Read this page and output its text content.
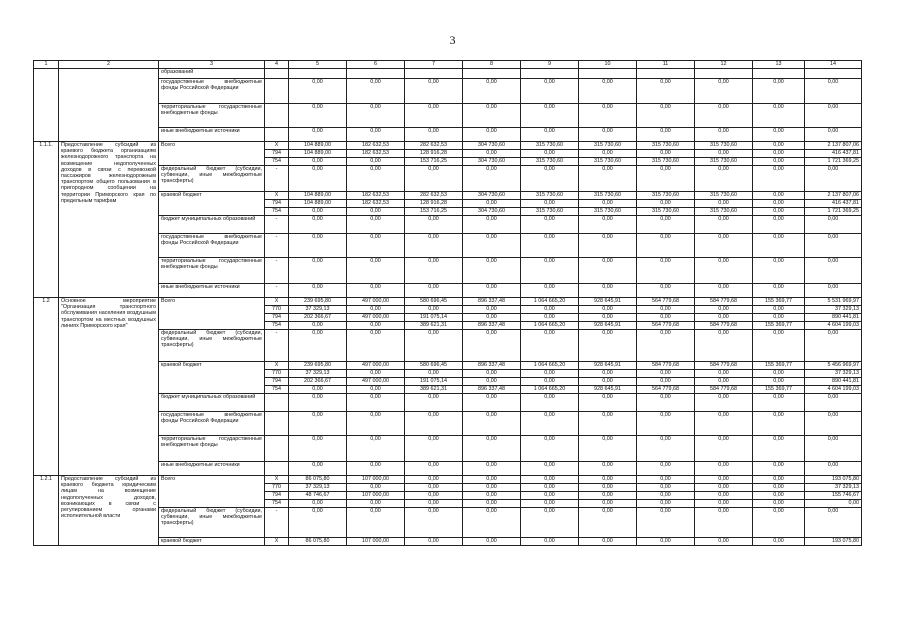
3
1	2	3	4	5	6	7	8	9	10	11	12	13	14
		образований											
		государственные внебюджетные фонды Российской Федерации		0,00	0,00	0,00	0,00	0,00	0,00	0,00	0,00	0,00	0,00
		территориальные государственные внебюджетные фонды		0,00	0,00	0,00	0,00	0,00	0,00	0,00	0,00	0,00	0,00
		иные внебюджетные источники		0,00	0,00	0,00	0,00	0,00	0,00	0,00	0,00	0,00	0,00
1.1.1.	Предоставление субсидий из краевого бюджета организациям железнодорожного транспорта на возмещение недополученных доходов в связи с перевозкой пассажиров железнодорожным транспортом общего пользования в пригородном сообщении на территории Приморского края по предельным тарифам	Всего	X	104 889,00	182 632,53	282 632,53	304 730,60	315 730,60	315 730,60	315 730,60	315 730,60	0,00	2 137 807,06
			794	104 889,00	182 632,53	128 916,28	0,00	0,00	0,00	0,00	0,00	0,00	416 437,81
			754	0,00	0,00	153 716,25	304 730,60	315 730,60	315 730,60	315 730,60	315 730,60	0,00	1 721 369,25
		федеральный бюджет (субсидии, субвенции, иные межбюджетные трансферты)	-	0,00	0,00	0,00	0,00	0,00	0,00	0,00	0,00	0,00	0,00
		краевой бюджет	X	104 889,00	182 632,53	282 632,53	304 730,60	315 730,60	315 730,60	315 730,60	315 730,60	0,00	2 137 807,06
			794	104 889,00	182 632,53	128 916,28	0,00	0,00	0,00	0,00	0,00	0,00	416 437,81
			754	0,00	0,00	153 716,25	304 730,60	315 730,60	315 730,60	315 730,60	315 730,60	0,00	1 721 369,25
		бюджет муниципальных образований	-	0,00	0,00	0,00	0,00	0,00	0,00	0,00	0,00	0,00	0,00
		государственные внебюджетные фонды Российской Федерации	-	0,00	0,00	0,00	0,00	0,00	0,00	0,00	0,00	0,00	0,00
		территориальные государственные внебюджетные фонды	-	0,00	0,00	0,00	0,00	0,00	0,00	0,00	0,00	0,00	0,00
		иные внебюджетные источники	-	0,00	0,00	0,00	0,00	0,00	0,00	0,00	0,00	0,00	0,00
1.2	Основное мероприятие "Организация транспортного обслуживания населения воздушным транспортом на местных воздушных линиях Приморского края"	Всего	X	239 695,80	497 000,00	580 696,45	896 337,48	1 064 665,20	928 645,91	564 779,68	584 779,68	155 369,77	5 531 969,97
			770	37 329,13	0,00	0,00	0,00	0,00	0,00	0,00	0,00	0,00	37 329,13
			794	202 366,67	497 000,00	191 075,14	0,00	0,00	0,00	0,00	0,00	0,00	890 441,81
			754	0,00	0,00	389 621,31	896 337,48	1 064 665,20	928 645,91	564 779,68	584 779,68	155 369,77	4 604 199,03
		федеральный бюджет (субсидии, субвенции, иные межбюджетные трансферты)	-	0,00	0,00	0,00	0,00	0,00	0,00	0,00	0,00	0,00	0,00
		краевой бюджет	X	239 695,80	497 000,00	580 696,45	896 337,48	1 064 665,20	928 645,91	584 779,68	584 779,68	155 369,77	5 456 969,97
			770	37 329,13	0,00	0,00	0,00	0,00	0,00	0,00	0,00	0,00	37 329,13
			794	202 366,67	497 000,00	191 075,14	0,00	0,00	0,00	0,00	0,00	0,00	890 441,81
			754	0,00	0,00	389 621,31	896 337,48	1 064 665,20	928 645,91	564 779,68	584 779,68	155 369,77	4 604 199,03
		бюджет муниципальных образований		0,00	0,00	0,00	0,00	0,00	0,00	0,00	0,00	0,00	0,00
		государственные внебюджетные фонды Российской Федерации		0,00	0,00	0,00	0,00	0,00	0,00	0,00	0,00	0,00	0,00
		территориальные государственные внебюджетные фонды		0,00	0,00	0,00	0,00	0,00	0,00	0,00	0,00	0,00	0,00
		иные внебюджетные источники		0,00	0,00	0,00	0,00	0,00	0,00	0,00	0,00	0,00	0,00
1.2.1	Предоставление субсидий из краевого бюджета юридическим лицам на возмещение недополученных доходов, возникающих в связи с регулированием органами исполнительной власти	Всего	X	86 075,80	107 000,00	0,00	0,00	0,00	0,00	0,00	0,00	0,00	193 075,80
			770	37 329,13	0,00	0,00	0,00	0,00	0,00	0,00	0,00	0,00	37 329,13
			794	48 746,67	107 000,00	0,00	0,00	0,00	0,00	0,00	0,00	0,00	155 746,67
			754	0,00	0,00	0,00	0,00	0,00	0,00	0,00	0,00	0,00	0,00
		федеральный бюджет (субсидии, субвенции, иные межбюджетные трансферты)	-	0,00	0,00	0,00	0,00	0,00	0,00	0,00	0,00	0,00	0,00
		краевой бюджет	X	86 075,80	107 000,00	0,00	0,00	0,00	0,00	0,00	0,00	0,00	193 075,80
